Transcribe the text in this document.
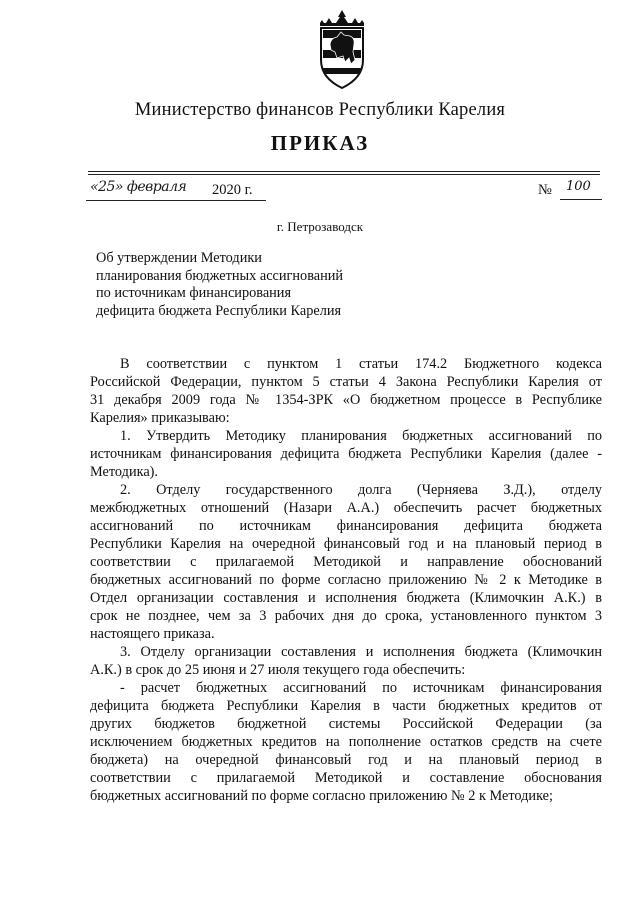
Министерство финансов Республики Карелия
ПРИКАЗ
«25» февраля 2020 г.	№ 100
г. Петрозаводск
Об утверждении Методики
планирования бюджетных ассигнований
по источникам финансирования
дефицита бюджета Республики Карелия
В соответствии с пунктом 1 статьи 174.2 Бюджетного кодекса
Российской Федерации, пунктом 5 статьи 4 Закона Республики Карелия от
31 декабря 2009 года № 1354-ЗРК «О бюджетном процессе в Республике
Карелия» приказываю:
1. Утвердить Методику планирования бюджетных ассигнований по
источникам финансирования дефицита бюджета Республики Карелия (далее -
Методика).
2. Отделу государственного долга (Черняева З.Д.), отделу
межбюджетных отношений (Назари А.А.) обеспечить расчет бюджетных
ассигнований по источникам финансирования дефицита бюджета
Республики Карелия на очередной финансовый год и на плановый период в
соответствии с прилагаемой Методикой и направление обоснований
бюджетных ассигнований по форме согласно приложению № 2 к Методике в
Отдел организации составления и исполнения бюджета (Климочкин А.К.) в
срок не позднее, чем за 3 рабочих дня до срока, установленного пунктом 3
настоящего приказа.
3. Отделу организации составления и исполнения бюджета (Климочкин
А.К.) в срок до 25 июня и 27 июля текущего года обеспечить:
- расчет бюджетных ассигнований по источникам финансирования
дефицита бюджета Республики Карелия в части бюджетных кредитов от
других бюджетов бюджетной системы Российской Федерации (за
исключением бюджетных кредитов на пополнение остатков средств на счете
бюджета) на очередной финансовый год и на плановый период в
соответствии с прилагаемой Методикой и составление обоснования
бюджетных ассигнований по форме согласно приложению № 2 к Методике;
